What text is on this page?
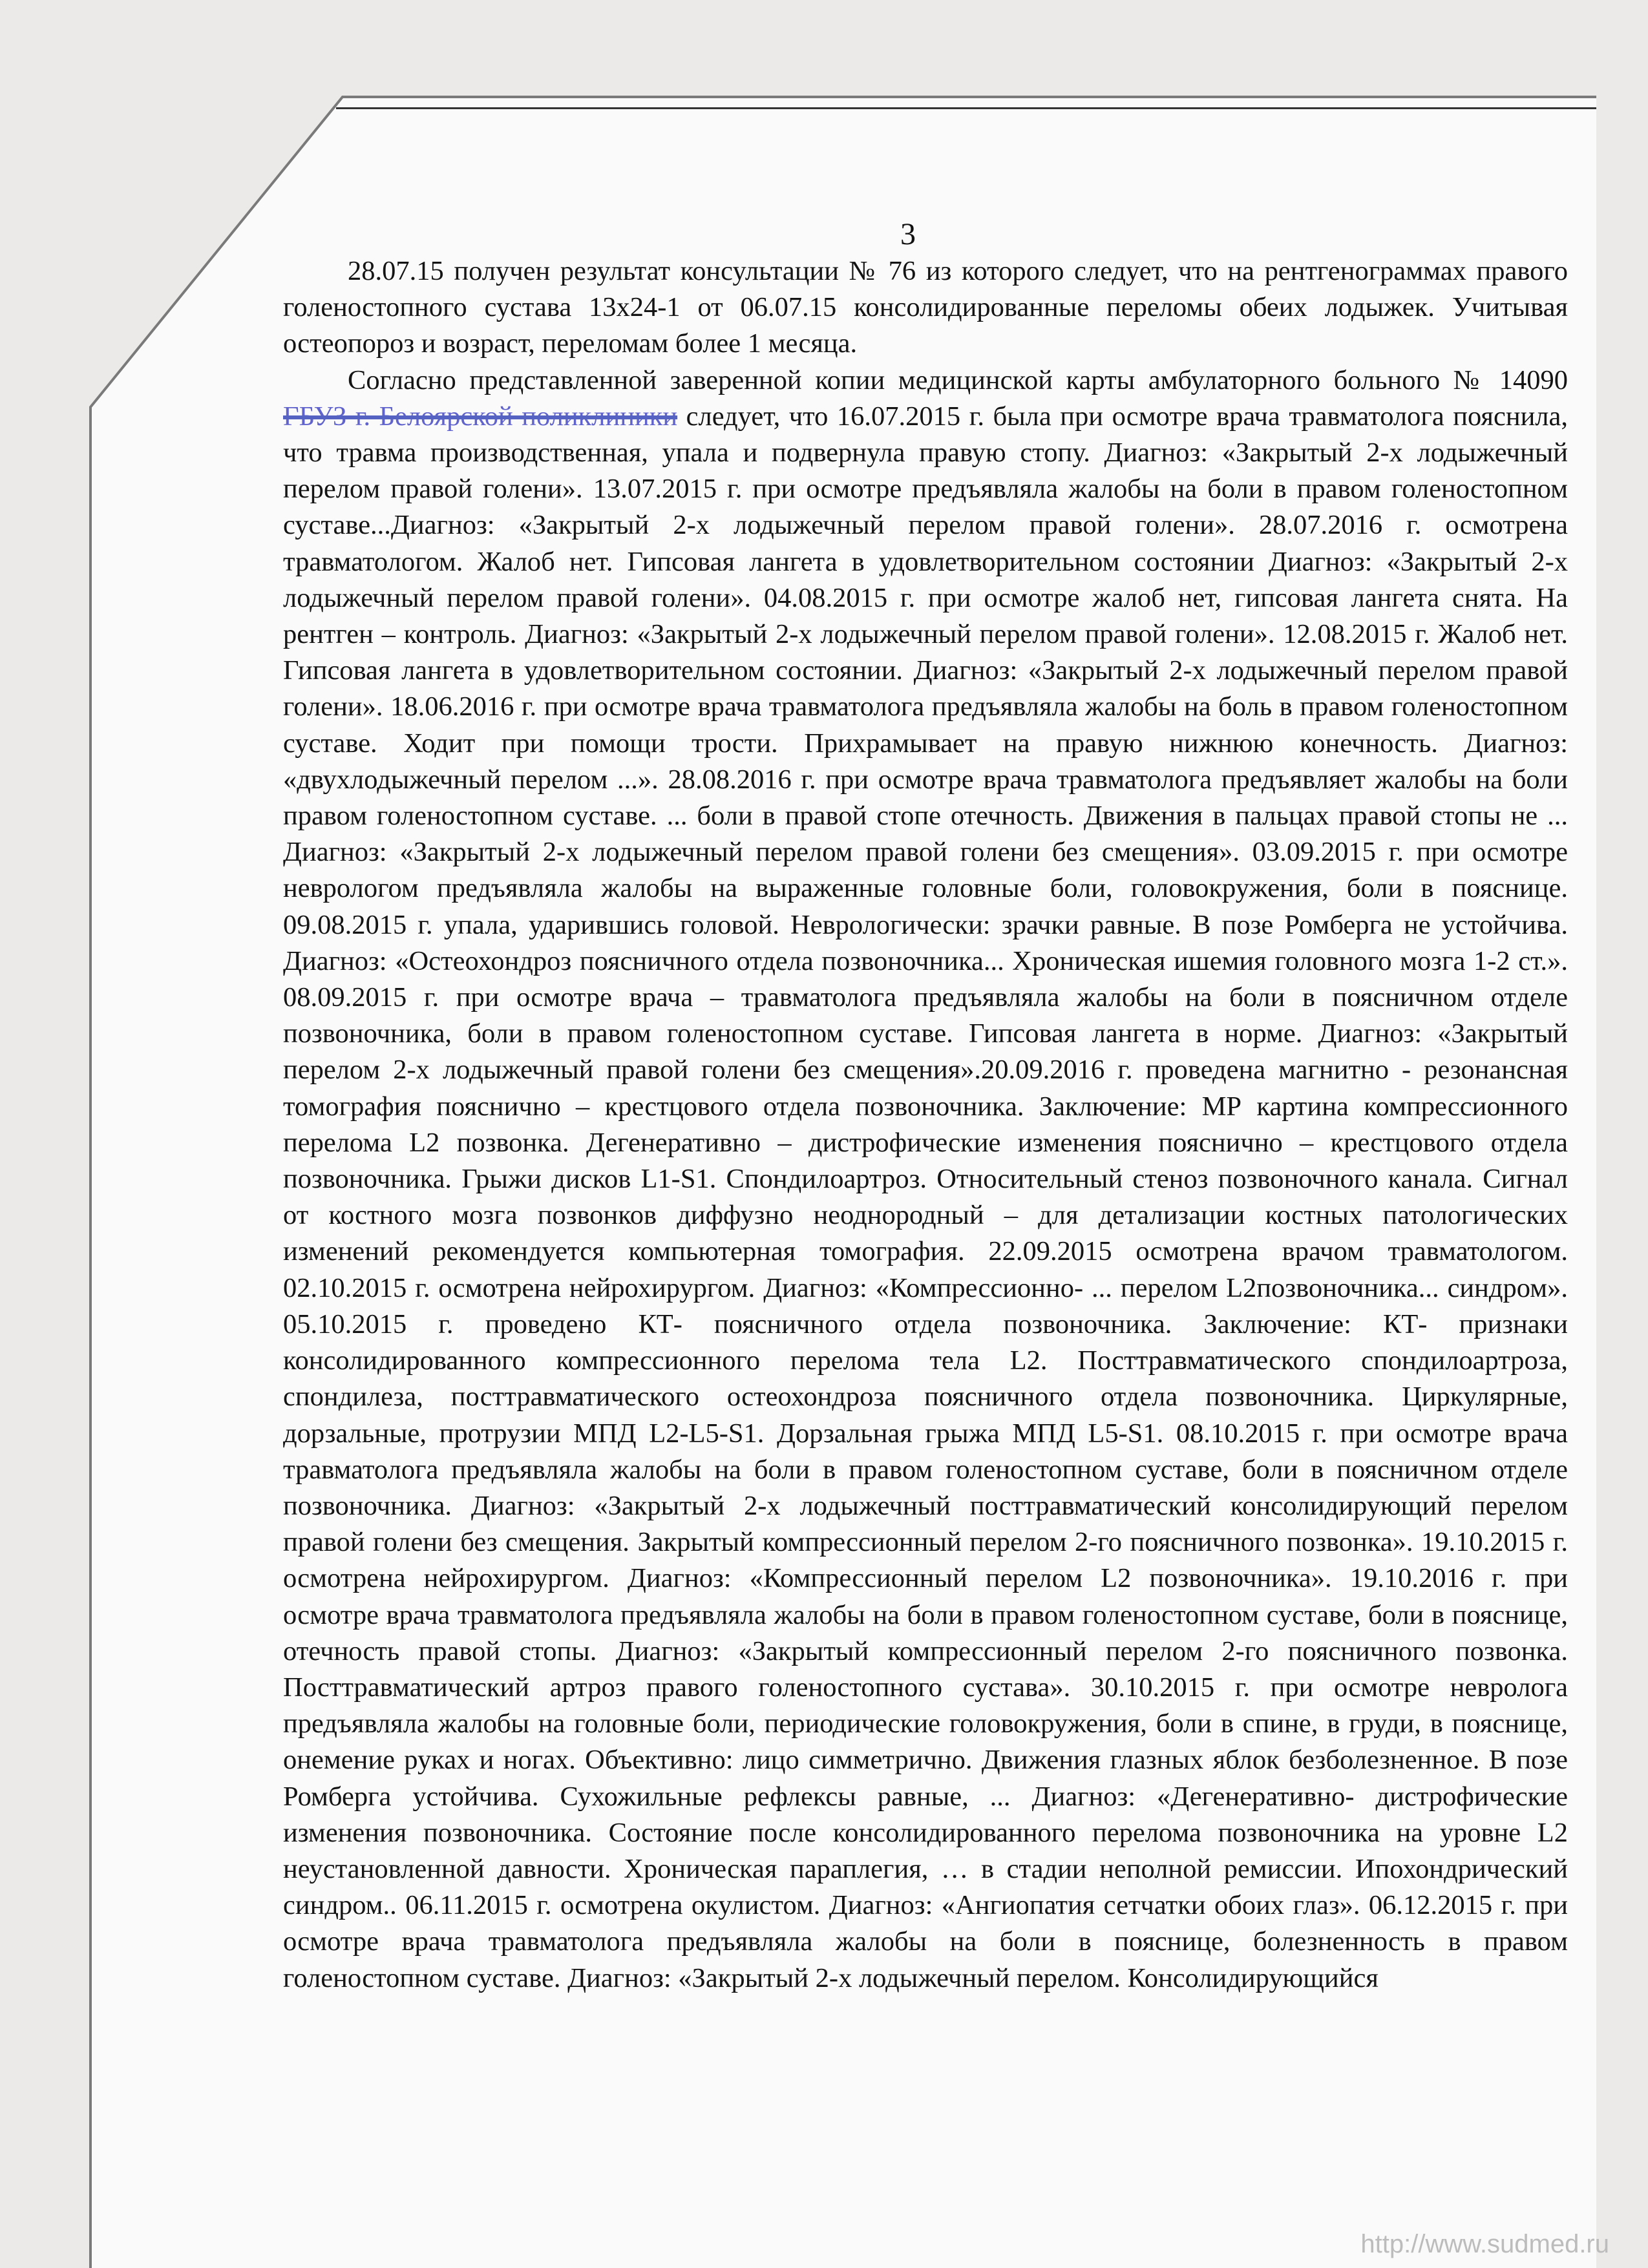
3

28.07.15 получен результат консультации № 76 из которого следует, что на рентгенограммах правого голеностопного сустава 13х24-1 от 06.07.15 консолидированные переломы обеих лодыжек. Учитывая остеопороз и возраст, переломам более 1 месяца.

Согласно представленной заверенной копии медицинской карты амбулаторного больного № 14090 ГБУЗ г. Белоярской поликлиники следует, что 16.07.2015 г. была при осмотре врача травматолога пояснила, что травма производственная, упала и подвернула правую стопу. Диагноз: «Закрытый 2-х лодыжечный перелом правой голени». 13.07.2015 г. при осмотре предъявляла жалобы на боли в правом голеностопном суставе...Диагноз: «Закрытый 2-х лодыжечный перелом правой голени». 28.07.2016 г. осмотрена травматологом. Жалоб нет. Гипсовая лангета в удовлетворительном состоянии Диагноз: «Закрытый 2-х лодыжечный перелом правой голени». 04.08.2015 г. при осмотре жалоб нет, гипсовая лангета снята. На рентген – контроль. Диагноз: «Закрытый 2-х лодыжечный перелом правой голени». 12.08.2015 г. Жалоб нет. Гипсовая лангета в удовлетворительном состоянии. Диагноз: «Закрытый 2-х лодыжечный перелом правой голени». 18.06.2016 г. при осмотре врача травматолога предъявляла жалобы на боль в правом голеностопном суставе. Ходит при помощи трости. Прихрамывает на правую нижнюю конечность. Диагноз: «двухлодыжечный перелом ...». 28.08.2016 г. при осмотре врача травматолога предъявляет жалобы на боли правом голеностопном суставе. ... боли в правой стопе отечность. Движения в пальцах правой стопы не ... Диагноз: «Закрытый 2-х лодыжечный перелом правой голени без смещения». 03.09.2015 г. при осмотре неврологом предъявляла жалобы на выраженные головные боли, головокружения, боли в пояснице. 09.08.2015 г. упала, ударившись головой. Неврологически: зрачки равные. В позе Ромберга не устойчива. Диагноз: «Остеохондроз поясничного отдела позвоночника... Хроническая ишемия головного мозга 1-2 ст.». 08.09.2015 г. при осмотре врача – травматолога предъявляла жалобы на боли в поясничном отделе позвоночника, боли в правом голеностопном суставе. Гипсовая лангета в норме. Диагноз: «Закрытый перелом 2-х лодыжечный правой голени без смещения».20.09.2016 г. проведена магнитно - резонансная томография пояснично – крестцового отдела позвоночника. Заключение: МР картина компрессионного перелома L2 позвонка. Дегенеративно – дистрофические изменения пояснично – крестцового отдела позвоночника. Грыжи дисков L1-S1. Спондилоартроз. Относительный стеноз позвоночного канала. Сигнал от костного мозга позвонков диффузно неоднородный – для детализации костных патологических изменений рекомендуется компьютерная томография. 22.09.2015 осмотрена врачом травматологом. 02.10.2015 г. осмотрена нейрохирургом. Диагноз: «Компрессионно- ... перелом L2позвоночника... синдром». 05.10.2015 г. проведено КТ- поясничного отдела позвоночника. Заключение: КТ- признаки консолидированного компрессионного перелома тела L2. Посттравматического спондилоартроза, спондилеза, посттравматического остеохондроза поясничного отдела позвоночника. Циркулярные, дорзальные, протрузии МПД L2-L5-S1. Дорзальная грыжа МПД L5-S1. 08.10.2015 г. при осмотре врача травматолога предъявляла жалобы на боли в правом голеностопном суставе, боли в поясничном отделе позвоночника. Диагноз: «Закрытый 2-х лодыжечный посттравматический консолидирующий перелом правой голени без смещения. Закрытый компрессионный перелом 2-го поясничного позвонка». 19.10.2015 г. осмотрена нейрохирургом. Диагноз: «Компрессионный перелом L2 позвоночника». 19.10.2016 г. при осмотре врача травматолога предъявляла жалобы на боли в правом голеностопном суставе, боли в пояснице, отечность правой стопы. Диагноз: «Закрытый компрессионный перелом 2-го поясничного позвонка. Посттравматический артроз правого голеностопного сустава». 30.10.2015 г. при осмотре невролога предъявляла жалобы на головные боли, периодические головокружения, боли в спине, в груди, в пояснице, онемение руках и ногах. Объективно: лицо симметрично. Движения глазных яблок безболезненное. В позе Ромберга устойчива. Сухожильные рефлексы равные, ... Диагноз: «Дегенеративно- дистрофические изменения позвоночника. Состояние после консолидированного перелома позвоночника на уровне L2 неустановленной давности. Хроническая параплегия, … в стадии неполной ремиссии. Ипохондрический синдром.. 06.11.2015 г. осмотрена окулистом. Диагноз: «Ангиопатия сетчатки обоих глаз». 06.12.2015 г. при осмотре врача травматолога предъявляла жалобы на боли в пояснице, болезненность в правом голеностопном суставе. Диагноз: «Закрытый 2-х лодыжечный перелом. Консолидирующийся

http://www.sudmed.ru
